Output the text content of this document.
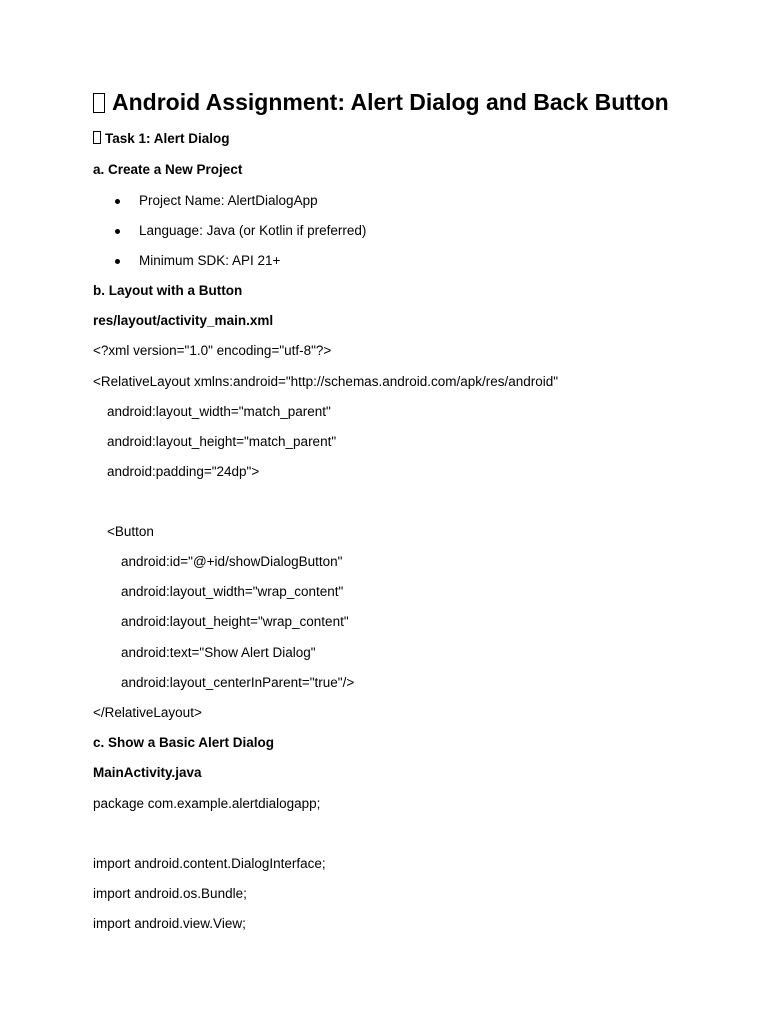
Android Assignment: Alert Dialog and Back Button
Task 1: Alert Dialog
a. Create a New Project
Project Name: AlertDialogApp
Language: Java (or Kotlin if preferred)
Minimum SDK: API 21+
b. Layout with a Button
res/layout/activity_main.xml
<?xml version="1.0" encoding="utf-8"?>
<RelativeLayout xmlns:android="http://schemas.android.com/apk/res/android"
android:layout_width="match_parent"
android:layout_height="match_parent"
android:padding="24dp">
<Button
android:id="@+id/showDialogButton"
android:layout_width="wrap_content"
android:layout_height="wrap_content"
android:text="Show Alert Dialog"
android:layout_centerInParent="true"/>
</RelativeLayout>
c. Show a Basic Alert Dialog
MainActivity.java
package com.example.alertdialogapp;
import android.content.DialogInterface;
import android.os.Bundle;
import android.view.View;
